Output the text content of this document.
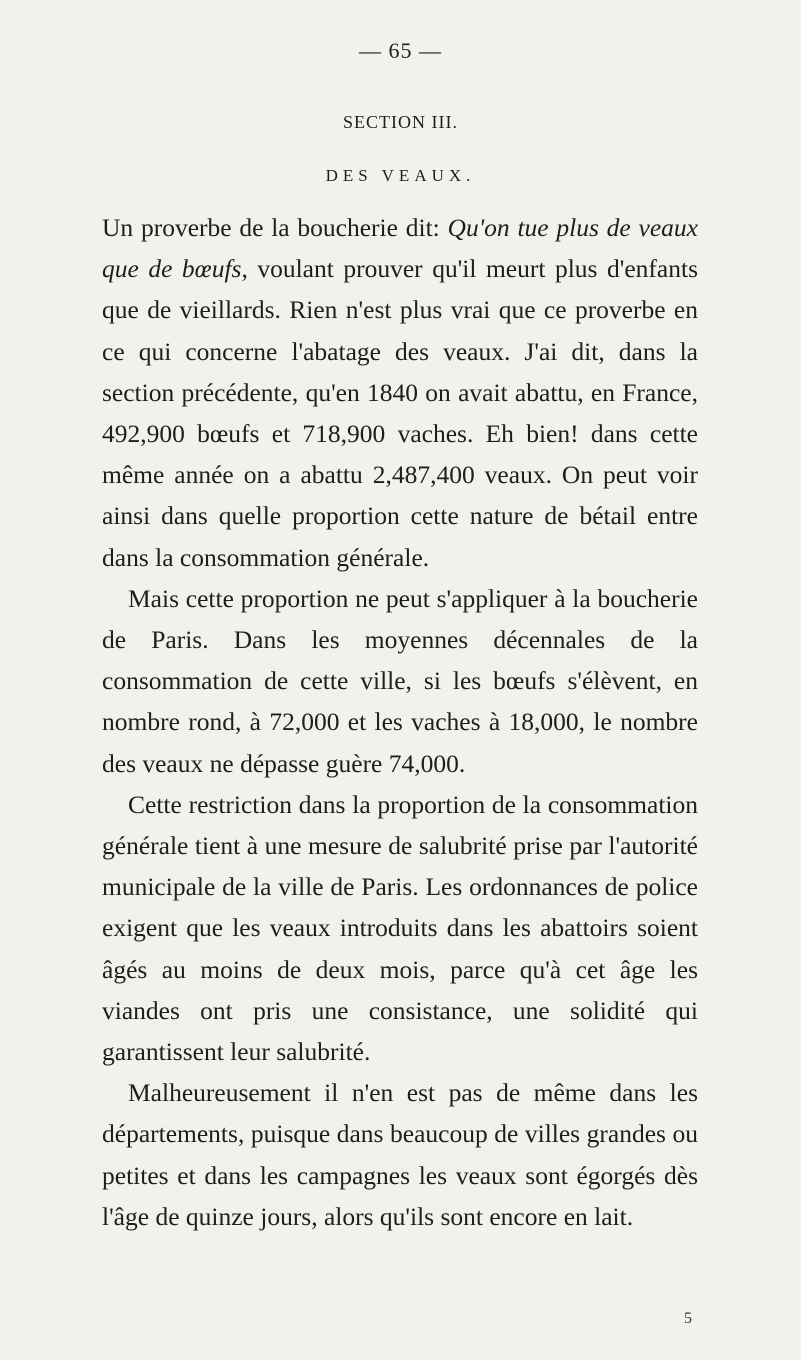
— 65 —
SECTION III.
DES VEAUX.

Un proverbe de la boucherie dit: Qu'on tue plus de veaux que de bœufs, voulant prouver qu'il meurt plus d'enfants que de vieillards. Rien n'est plus vrai que ce proverbe en ce qui concerne l'abatage des veaux. J'ai dit, dans la section précédente, qu'en 1840 on avait abattu, en France, 492,900 bœufs et 718,900 vaches. Eh bien! dans cette même année on a abattu 2,487,400 veaux. On peut voir ainsi dans quelle proportion cette nature de bétail entre dans la consommation générale.

Mais cette proportion ne peut s'appliquer à la boucherie de Paris. Dans les moyennes décennales de la consommation de cette ville, si les bœufs s'élèvent, en nombre rond, à 72,000 et les vaches à 18,000, le nombre des veaux ne dépasse guère 74,000.

Cette restriction dans la proportion de la consommation générale tient à une mesure de salubrité prise par l'autorité municipale de la ville de Paris. Les ordonnances de police exigent que les veaux introduits dans les abattoirs soient âgés au moins de deux mois, parce qu'à cet âge les viandes ont pris une consistance, une solidité qui garantissent leur salubrité.

Malheureusement il n'en est pas de même dans les départements, puisque dans beaucoup de villes grandes ou petites et dans les campagnes les veaux sont égorgés dès l'âge de quinze jours, alors qu'ils sont encore en lait.

5
